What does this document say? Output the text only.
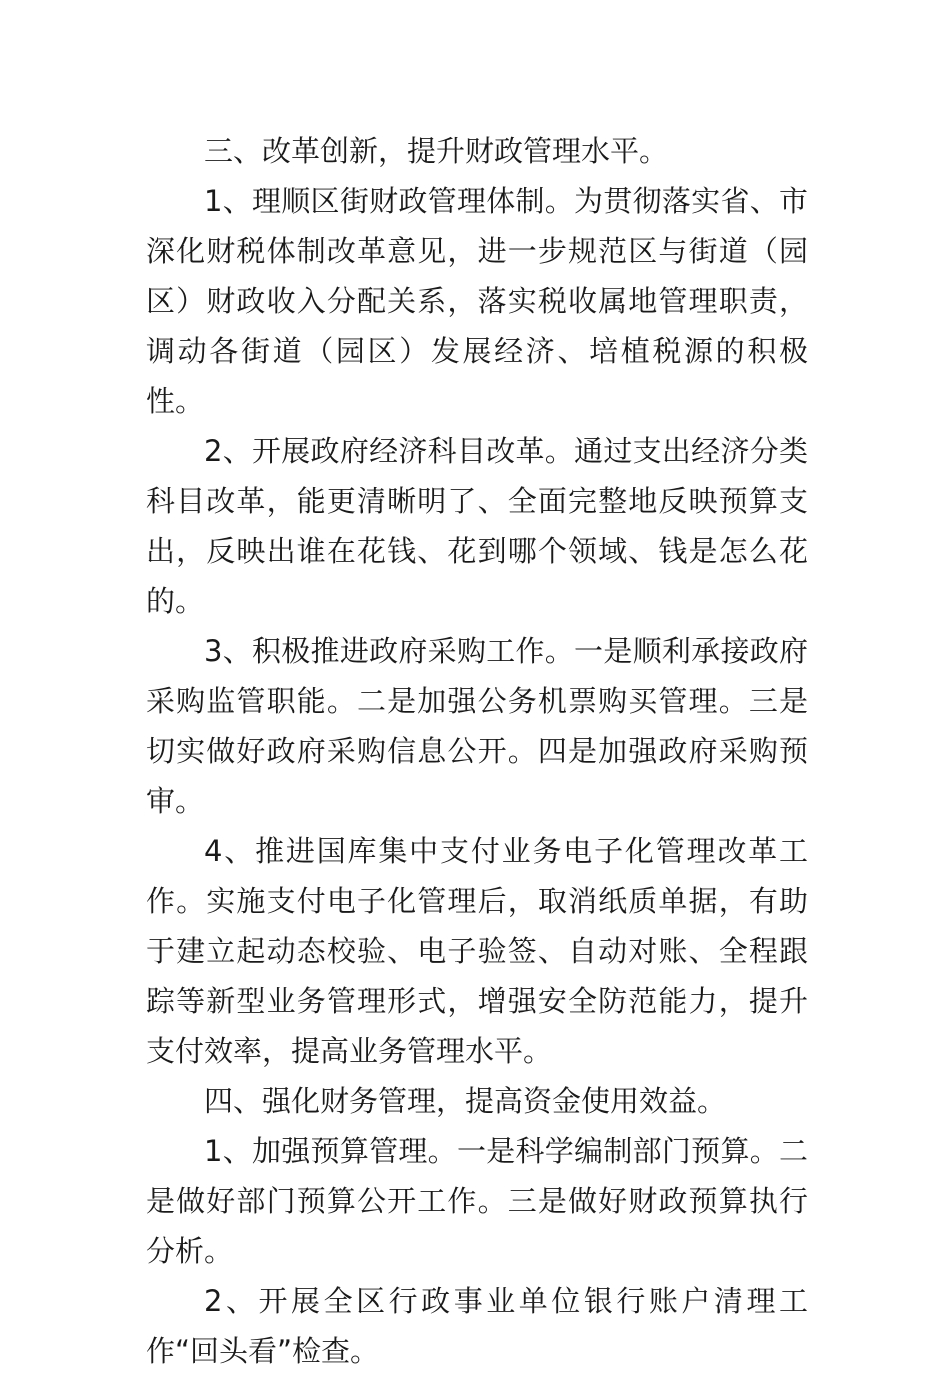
三、改革创新，提升财政管理水平。

1、理顺区街财政管理体制。为贯彻落实省、市深化财税体制改革意见，进一步规范区与街道（园区）财政收入分配关系，落实税收属地管理职责，调动各街道（园区）发展经济、培植税源的积极性。

2、开展政府经济科目改革。通过支出经济分类科目改革，能更清晰明了、全面完整地反映预算支出，反映出谁在花钱、花到哪个领域、钱是怎么花的。

3、积极推进政府采购工作。一是顺利承接政府采购监管职能。二是加强公务机票购买管理。三是切实做好政府采购信息公开。四是加强政府采购预审。

4、推进国库集中支付业务电子化管理改革工作。实施支付电子化管理后，取消纸质单据，有助于建立起动态校验、电子验签、自动对账、全程跟踪等新型业务管理形式，增强安全防范能力，提升支付效率，提高业务管理水平。

四、强化财务管理，提高资金使用效益。

1、加强预算管理。一是科学编制部门预算。二是做好部门预算公开工作。三是做好财政预算执行分析。

2、开展全区行政事业单位银行账户清理工作“回头看”检查。
